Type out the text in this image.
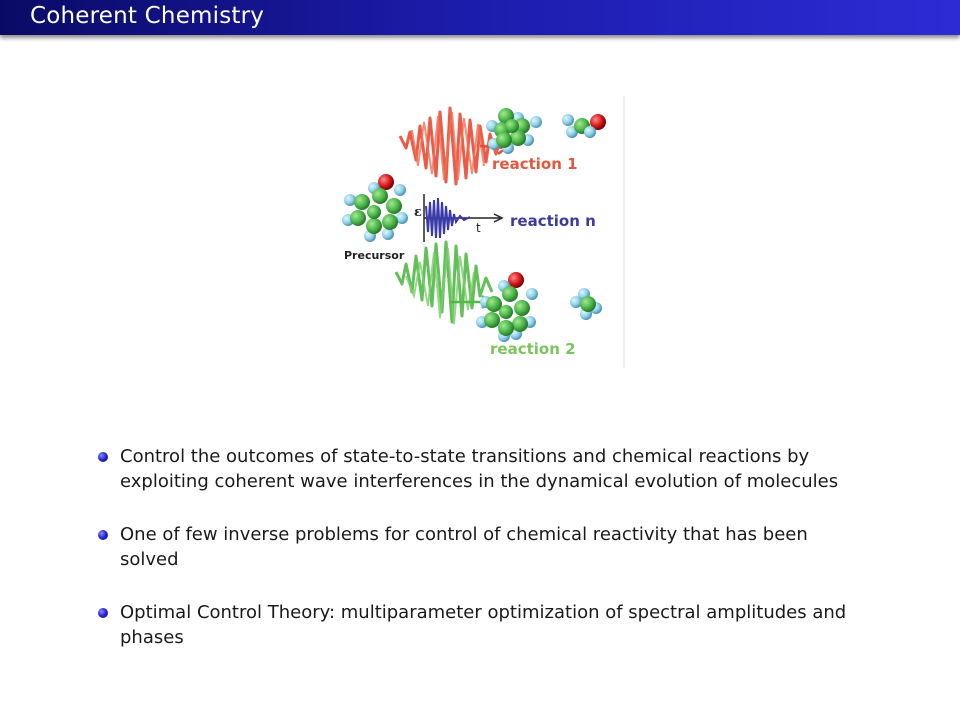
Coherent Chemistry
ε
t
reaction 1
reaction n
Precursor
reaction 2
Control the outcomes of state-to-state transitions and chemical reactions by
exploiting coherent wave interferences in the dynamical evolution of molecules
One of few inverse problems for control of chemical reactivity that has been
solved
Optimal Control Theory: multiparameter optimization of spectral amplitudes and
phases
